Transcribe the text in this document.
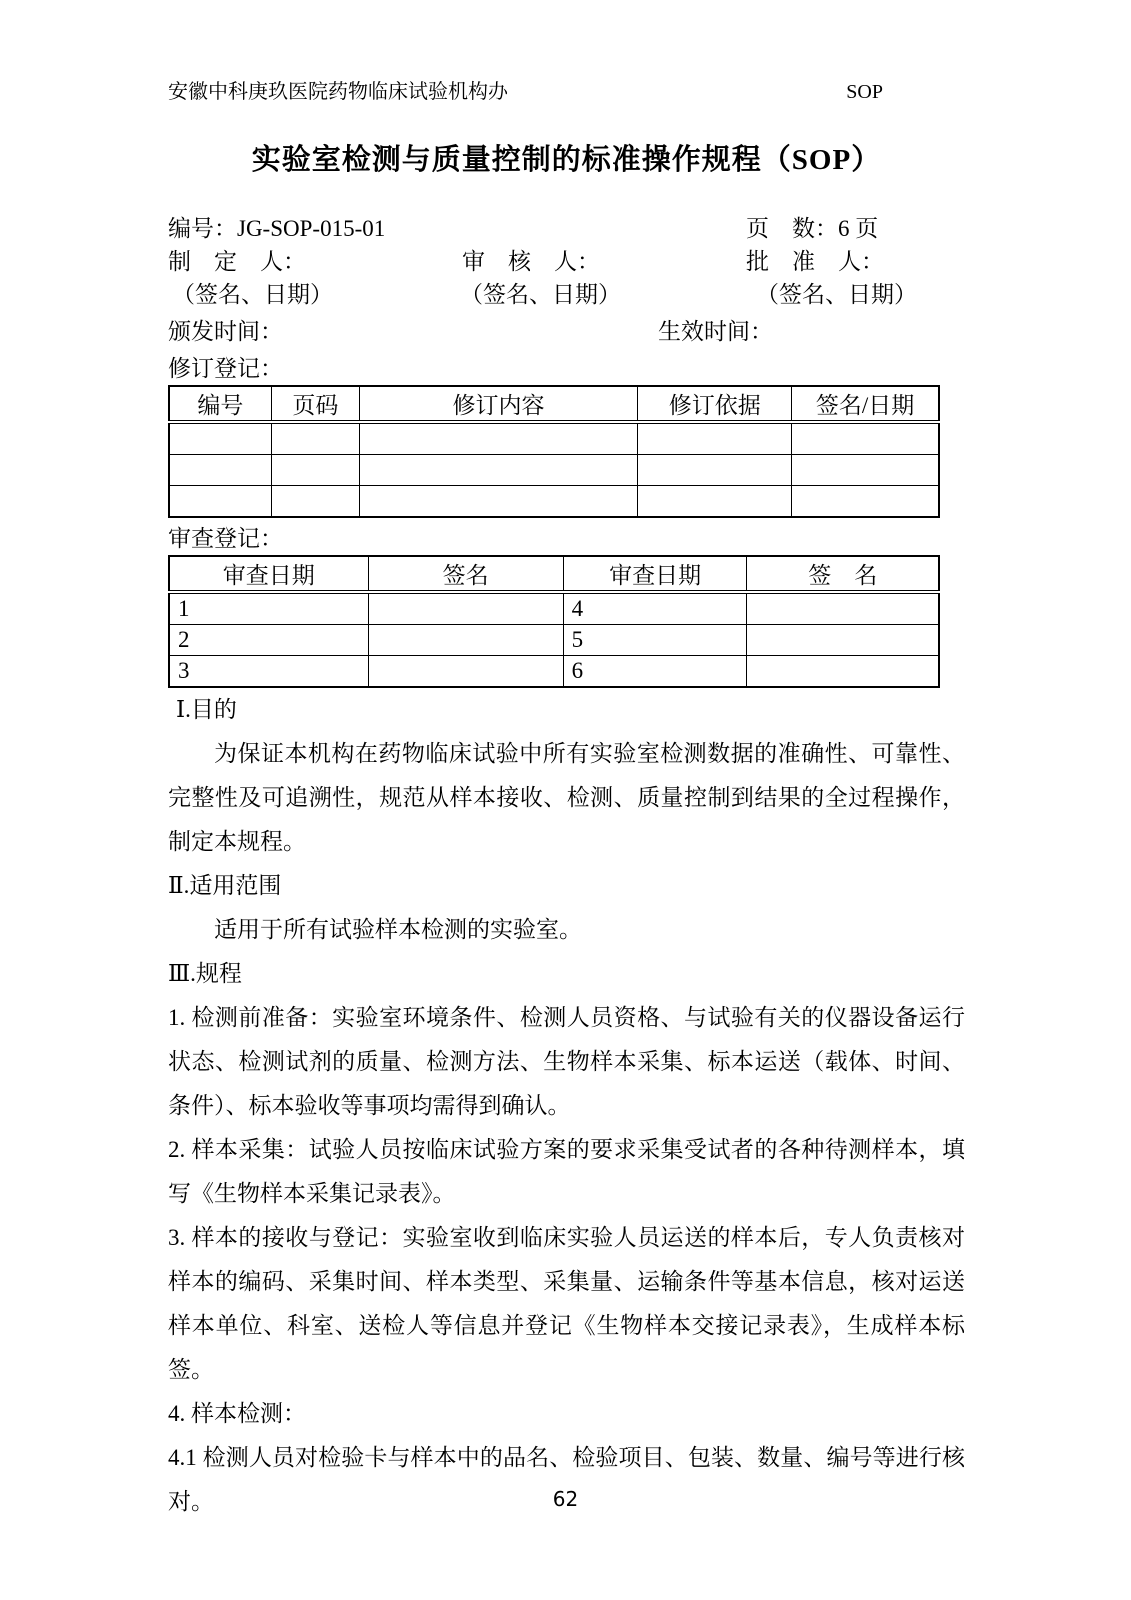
安徽中科庚玖医院药物临床试验机构办	SOP
实验室检测与质量控制的标准操作规程（SOP）
编号：JG-SOP-015-01	页　数：6 页
制　定　人：	审　核　人：	批　准　人：
（签名、日期）	（签名、日期）	（签名、日期）
颁发时间：	生效时间：
修订登记：
编号	页码	修订内容	修订依据	签名/日期

审查登记：
审查日期	签名	审查日期	签　名
1		4	
2		5	
3		6	
Ⅰ.目的

为保证本机构在药物临床试验中所有实验室检测数据的准确性、可靠性、完整性及可追溯性，规范从样本接收、检测、质量控制到结果的全过程操作，制定本规程。

Ⅱ.适用范围

适用于所有试验样本检测的实验室。

Ⅲ.规程

1. 检测前准备：实验室环境条件、检测人员资格、与试验有关的仪器设备运行状态、检测试剂的质量、检测方法、生物样本采集、标本运送（载体、时间、条件）、标本验收等事项均需得到确认。

2. 样本采集：试验人员按临床试验方案的要求采集受试者的各种待测样本，填写《生物样本采集记录表》。

3. 样本的接收与登记：实验室收到临床实验人员运送的样本后，专人负责核对样本的编码、采集时间、样本类型、采集量、运输条件等基本信息，核对运送样本单位、科室、送检人等信息并登记《生物样本交接记录表》，生成样本标签。

4. 样本检测：

4.1 检测人员对检验卡与样本中的品名、检验项目、包装、数量、编号等进行核对。	62
